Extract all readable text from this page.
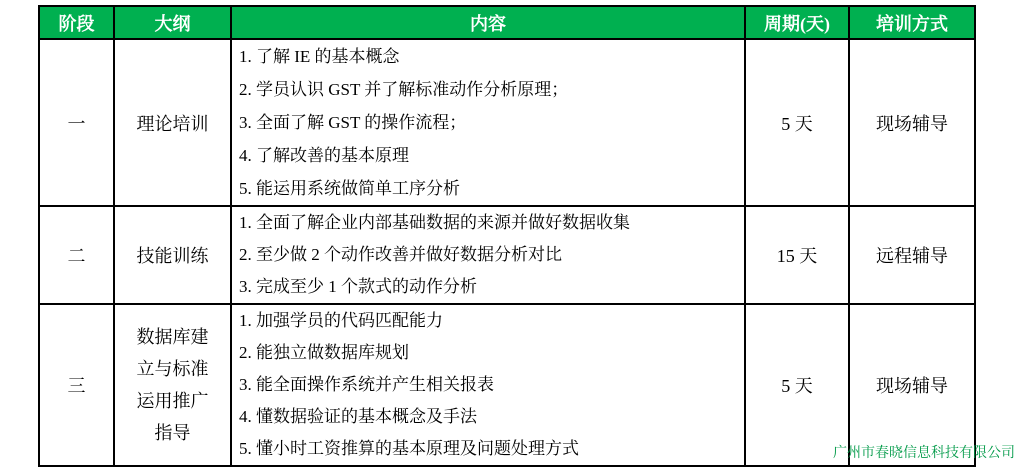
阶段	大纲	内容	周期(天)	培训方式
一	理论培训	1. 了解 IE 的基本概念
2. 学员认识 GST 并了解标准动作分析原理；
3. 全面了解 GST 的操作流程；
4. 了解改善的基本原理
5. 能运用系统做简单工序分析	5 天	现场辅导
二	技能训练	1. 全面了解企业内部基础数据的来源并做好数据收集
2. 至少做 2 个动作改善并做好数据分析对比
3. 完成至少 1 个款式的动作分析	15 天	远程辅导
三	数据库建立与标准运用推广指导	1. 加强学员的代码匹配能力
2. 能独立做数据库规划
3. 能全面操作系统并产生相关报表
4. 懂数据验证的基本概念及手法
5. 懂小时工资推算的基本原理及问题处理方式	5 天	现场辅导
广州市春晓信息科技有限公司
